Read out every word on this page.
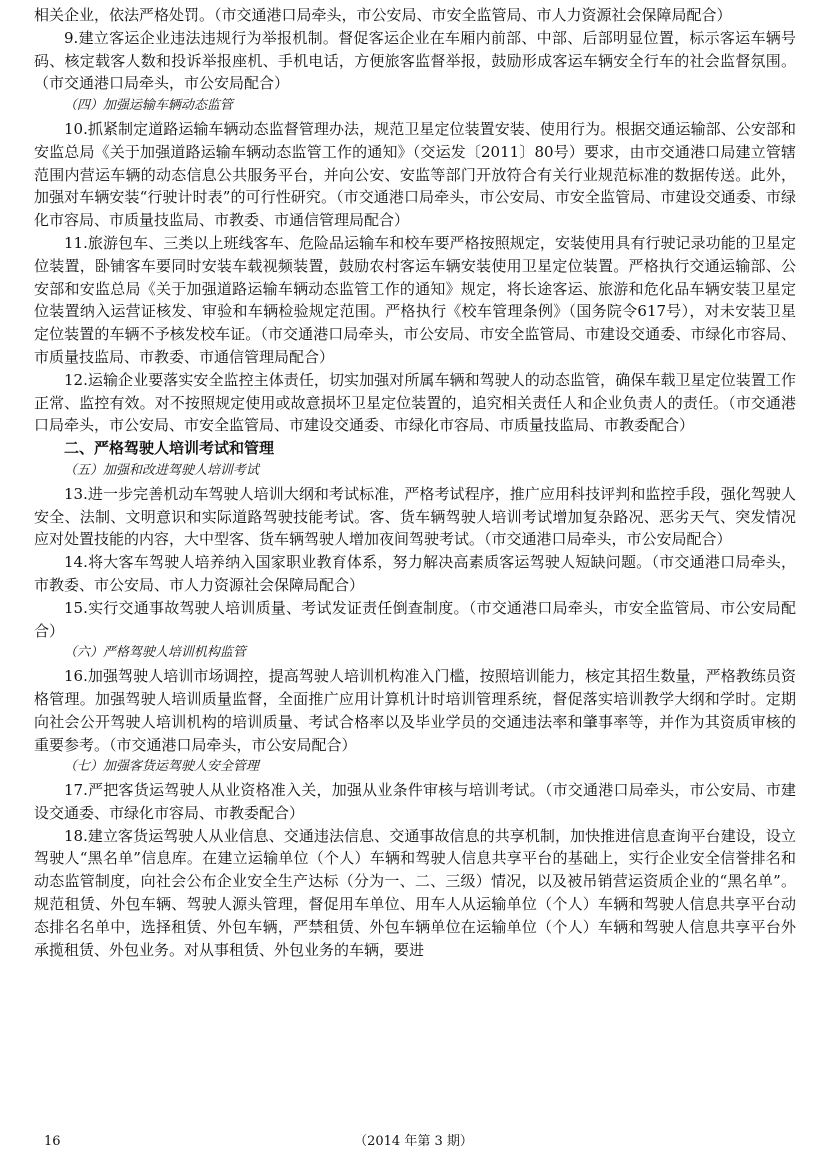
相关企业，依法严格处罚。（市交通港口局牵头，市公安局、市安全监管局、市人力资源社会保障局配合）

9.建立客运企业违法违规行为举报机制。督促客运企业在车厢内前部、中部、后部明显位置，标示客运车辆号码、核定载客人数和投诉举报座机、手机电话，方便旅客监督举报，鼓励形成客运车辆安全行车的社会监督氛围。（市交通港口局牵头，市公安局配合）

（四）加强运输车辆动态监管

10.抓紧制定道路运输车辆动态监督管理办法，规范卫星定位装置安装、使用行为。根据交通运输部、公安部和安监总局《关于加强道路运输车辆动态监管工作的通知》（交运发〔2011〕80号）要求，由市交通港口局建立管辖范围内营运车辆的动态信息公共服务平台，并向公安、安监等部门开放符合有关行业规范标准的数据传送。此外，加强对车辆安装“行驶计时表”的可行性研究。（市交通港口局牵头，市公安局、市安全监管局、市建设交通委、市绿化市容局、市质量技监局、市教委、市通信管理局配合）

11.旅游包车、三类以上班线客车、危险品运输车和校车要严格按照规定，安装使用具有行驶记录功能的卫星定位装置，卧铺客车要同时安装车载视频装置，鼓励农村客运车辆安装使用卫星定位装置。严格执行交通运输部、公安部和安监总局《关于加强道路运输车辆动态监管工作的通知》规定，将长途客运、旅游和危化品车辆安装卫星定位装置纳入运营证核发、审验和车辆检验规定范围。严格执行《校车管理条例》（国务院令617号），对未安装卫星定位装置的车辆不予核发校车证。（市交通港口局牵头，市公安局、市安全监管局、市建设交通委、市绿化市容局、市质量技监局、市教委、市通信管理局配合）

12.运输企业要落实安全监控主体责任，切实加强对所属车辆和驾驶人的动态监管，确保车载卫星定位装置工作正常、监控有效。对不按照规定使用或故意损坏卫星定位装置的，追究相关责任人和企业负责人的责任。（市交通港口局牵头，市公安局、市安全监管局、市建设交通委、市绿化市容局、市质量技监局、市教委配合）

二、严格驾驶人培训考试和管理

（五）加强和改进驾驶人培训考试

13.进一步完善机动车驾驶人培训大纲和考试标准，严格考试程序，推广应用科技评判和监控手段，强化驾驶人安全、法制、文明意识和实际道路驾驶技能考试。客、货车辆驾驶人培训考试增加复杂路况、恶劣天气、突发情况应对处置技能的内容，大中型客、货车辆驾驶人增加夜间驾驶考试。（市交通港口局牵头，市公安局配合）

14.将大客车驾驶人培养纳入国家职业教育体系，努力解决高素质客运驾驶人短缺问题。（市交通港口局牵头，市教委、市公安局、市人力资源社会保障局配合）

15.实行交通事故驾驶人培训质量、考试发证责任倒查制度。（市交通港口局牵头，市安全监管局、市公安局配合）

（六）严格驾驶人培训机构监管

16.加强驾驶人培训市场调控，提高驾驶人培训机构准入门槛，按照培训能力，核定其招生数量，严格教练员资格管理。加强驾驶人培训质量监督，全面推广应用计算机计时培训管理系统，督促落实培训教学大纲和学时。定期向社会公开驾驶人培训机构的培训质量、考试合格率以及毕业学员的交通违法率和肇事率等，并作为其资质审核的重要参考。（市交通港口局牵头，市公安局配合）

（七）加强客货运驾驶人安全管理

17.严把客货运驾驶人从业资格准入关，加强从业条件审核与培训考试。（市交通港口局牵头，市公安局、市建设交通委、市绿化市容局、市教委配合）

18.建立客货运驾驶人从业信息、交通违法信息、交通事故信息的共享机制，加快推进信息查询平台建设，设立驾驶人“黑名单”信息库。在建立运输单位（个人）车辆和驾驶人信息共享平台的基础上，实行企业安全信誉排名和动态监管制度，向社会公布企业安全生产达标（分为一、二、三级）情况，以及被吊销营运资质企业的“黑名单”。规范租赁、外包车辆、驾驶人源头管理，督促用车单位、用车人从运输单位（个人）车辆和驾驶人信息共享平台动态排名名单中，选择租赁、外包车辆，严禁租赁、外包车辆单位在运输单位（个人）车辆和驾驶人信息共享平台外承揽租赁、外包业务。对从事租赁、外包业务的车辆，要进

16	（2014 年第 3 期）
